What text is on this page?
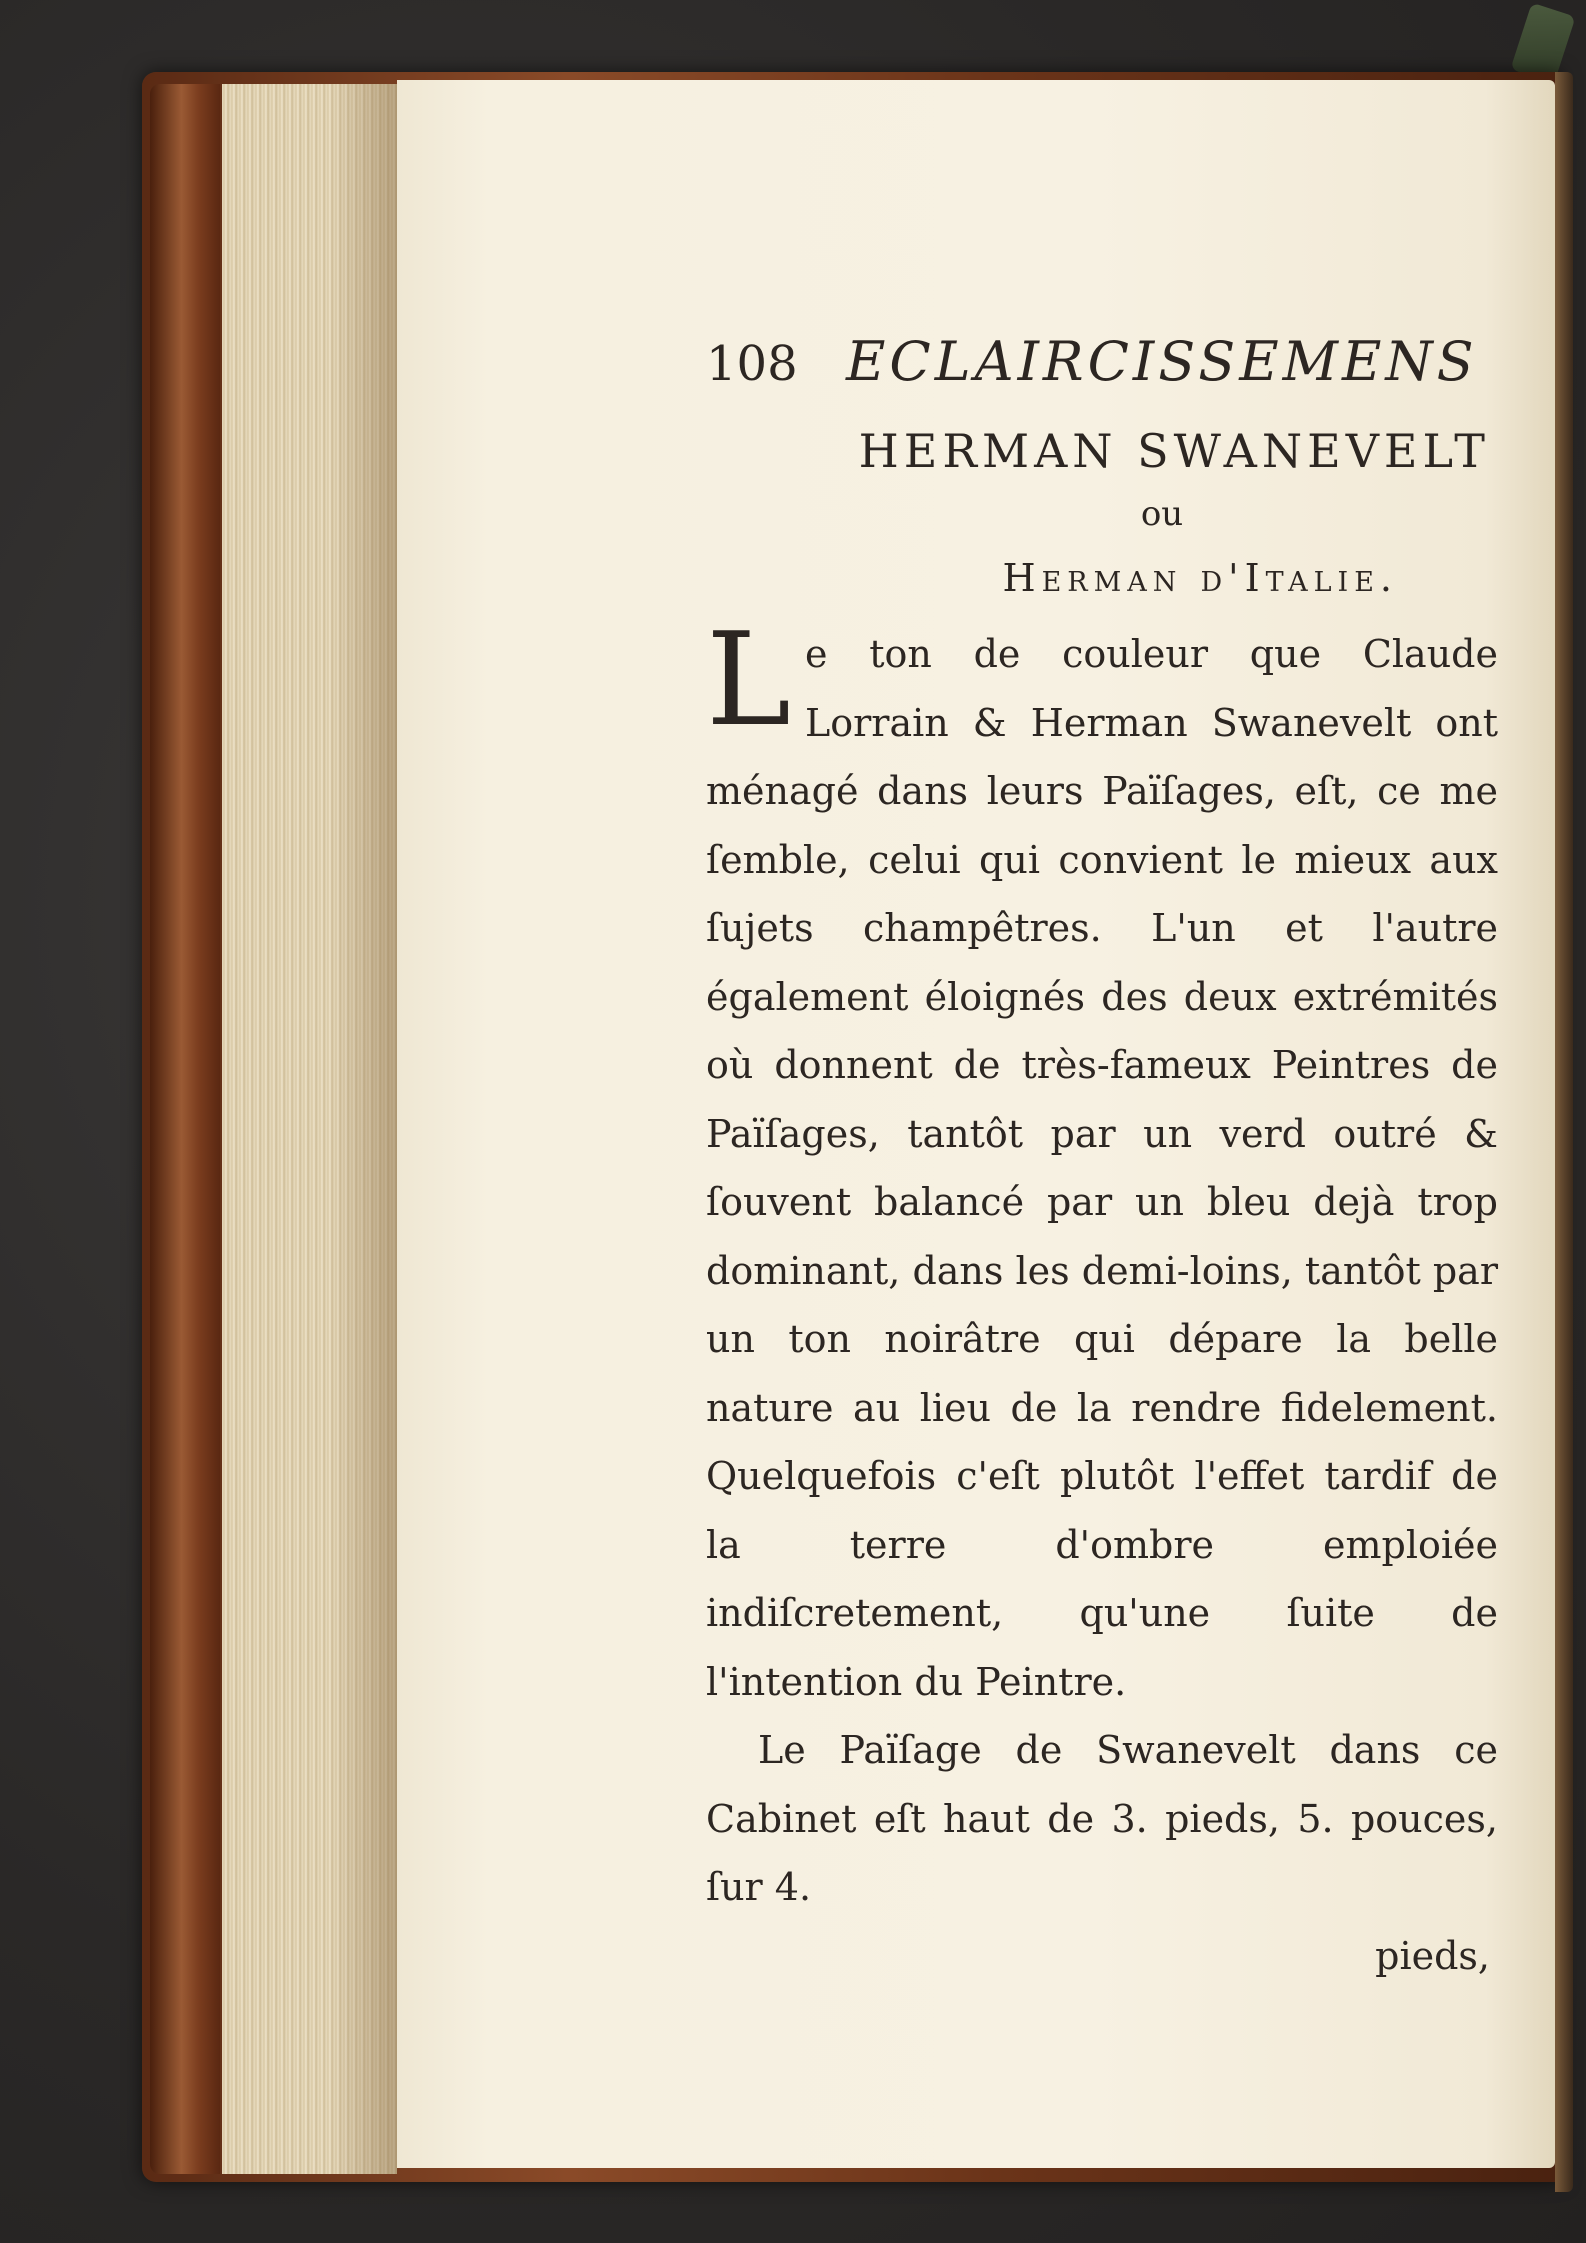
108 ECLAIRCISSEMENS
HERMAN SWANEVELT
ou
Herman d'Italie.

Le ton de couleur que Claude Lorrain & Herman Swanevelt ont ménagé dans leurs Païſages, eſt, ce me ſemble, celui qui convient le mieux aux ſujets champêtres. L'un et l'autre également éloignés des deux extrémités où donnent de très-fameux Peintres de Païſages, tantôt par un verd outré & ſouvent balancé par un bleu dejà trop dominant, dans les demi-loins, tantôt par un ton noirâtre qui dépare la belle nature au lieu de la rendre fidelement. Quelquefois c'eſt plutôt l'effet tardif de la terre d'ombre emploiée indiſcretement, qu'une ſuite de l'intention du Peintre.

Le Païſage de Swanevelt dans ce Cabinet eſt haut de 3. pieds, 5. pouces, ſur 4.

pieds,
